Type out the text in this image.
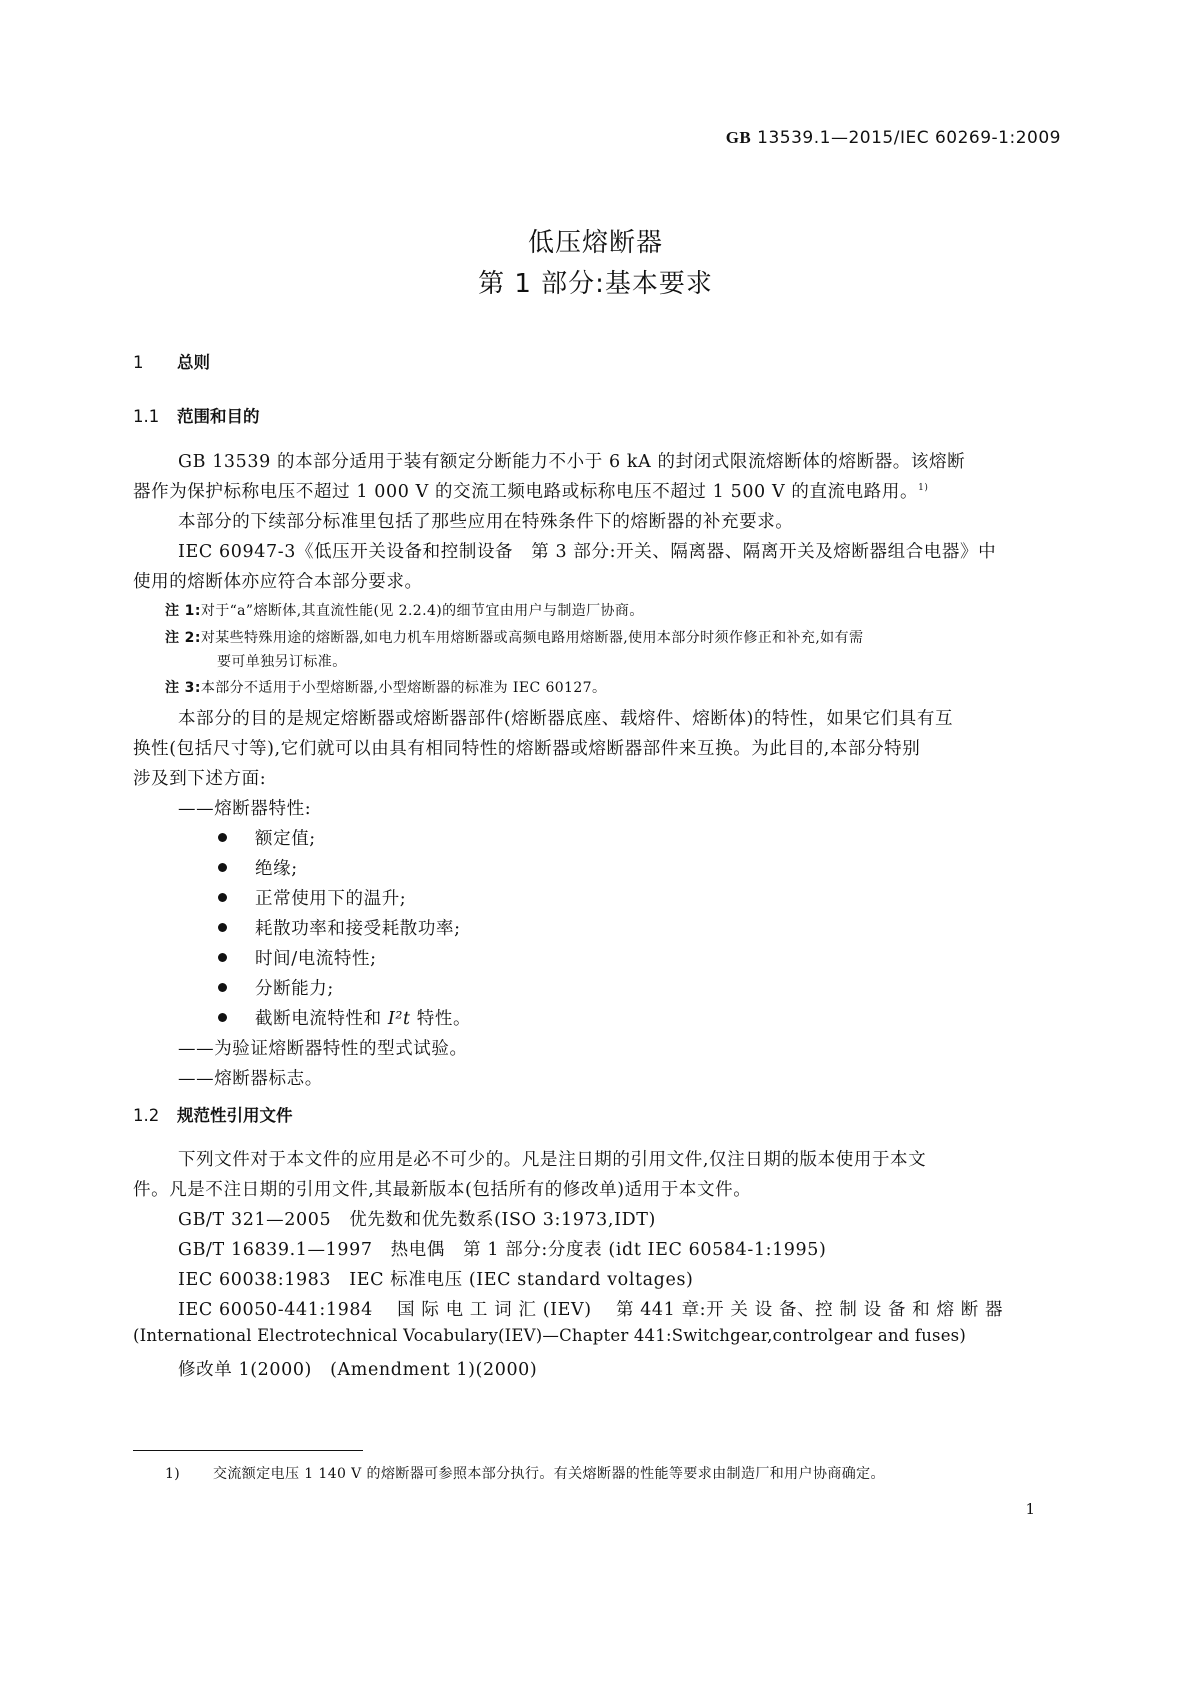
GB 13539.1—2015/IEC 60269-1:2009
低压熔断器
第 1 部分:基本要求
1 总则
1.1 范围和目的
GB 13539 的本部分适用于装有额定分断能力不小于 6 kA 的封闭式限流熔断体的熔断器。该熔断
器作为保护标称电压不超过 1 000 V 的交流工频电路或标称电压不超过 1 500 V 的直流电路用。$^{1)}$
本部分的下续部分标准里包括了那些应用在特殊条件下的熔断器的补充要求。
IEC 60947-3《低压开关设备和控制设备　第 3 部分:开关、隔离器、隔离开关及熔断器组合电器》中
使用的熔断体亦应符合本部分要求。
注 1:对于“a”熔断体,其直流性能(见 2.2.4)的细节宜由用户与制造厂协商。
注 2:对某些特殊用途的熔断器,如电力机车用熔断器或高频电路用熔断器,使用本部分时须作修正和补充,如有需
要可单独另订标准。
注 3:本部分不适用于小型熔断器,小型熔断器的标准为 IEC 60127。
本部分的目的是规定熔断器或熔断器部件(熔断器底座、载熔件、熔断体)的特性，如果它们具有互
换性(包括尺寸等),它们就可以由具有相同特性的熔断器或熔断器部件来互换。为此目的,本部分特别
涉及到下述方面:
——熔断器特性:
额定值;
绝缘;
正常使用下的温升;
耗散功率和接受耗散功率;
时间/电流特性;
分断能力;
截断电流特性和 I²t 特性。
——为验证熔断器特性的型式试验。
——熔断器标志。
1.2 规范性引用文件
下列文件对于本文件的应用是必不可少的。凡是注日期的引用文件,仅注日期的版本使用于本文
件。凡是不注日期的引用文件,其最新版本(包括所有的修改单)适用于本文件。
GB/T 321—2005　优先数和优先数系(ISO 3:1973,IDT)
GB/T 16839.1—1997　热电偶　第 1 部分:分度表 (idt IEC 60584-1:1995)
IEC 60038:1983　IEC 标准电压 (IEC standard voltages)
IEC 60050-441:1984　 国 际 电 工 词 汇 (IEV)　 第 441 章:开 关 设 备、控 制 设 备 和 熔 断 器
(International Electrotechnical Vocabulary(IEV)—Chapter 441:Switchgear,controlgear and fuses)
修改单 1(2000)　(Amendment 1)(2000)
1) 交流额定电压 1 140 V 的熔断器可参照本部分执行。有关熔断器的性能等要求由制造厂和用户协商确定。
1
